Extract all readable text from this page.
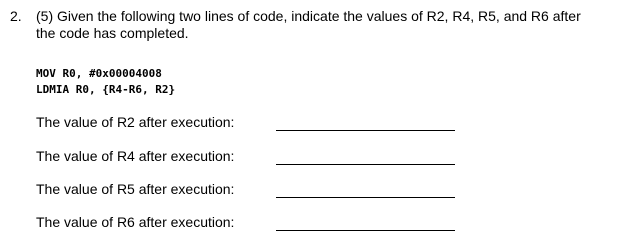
2. (5) Given the following two lines of code, indicate the values of R2, R4, R5, and R6 after
the code has completed.
MOV R0, #0x00004008
LDMIA R0, {R4-R6, R2}
The value of R2 after execution:
The value of R4 after execution:
The value of R5 after execution:
The value of R6 after execution:
